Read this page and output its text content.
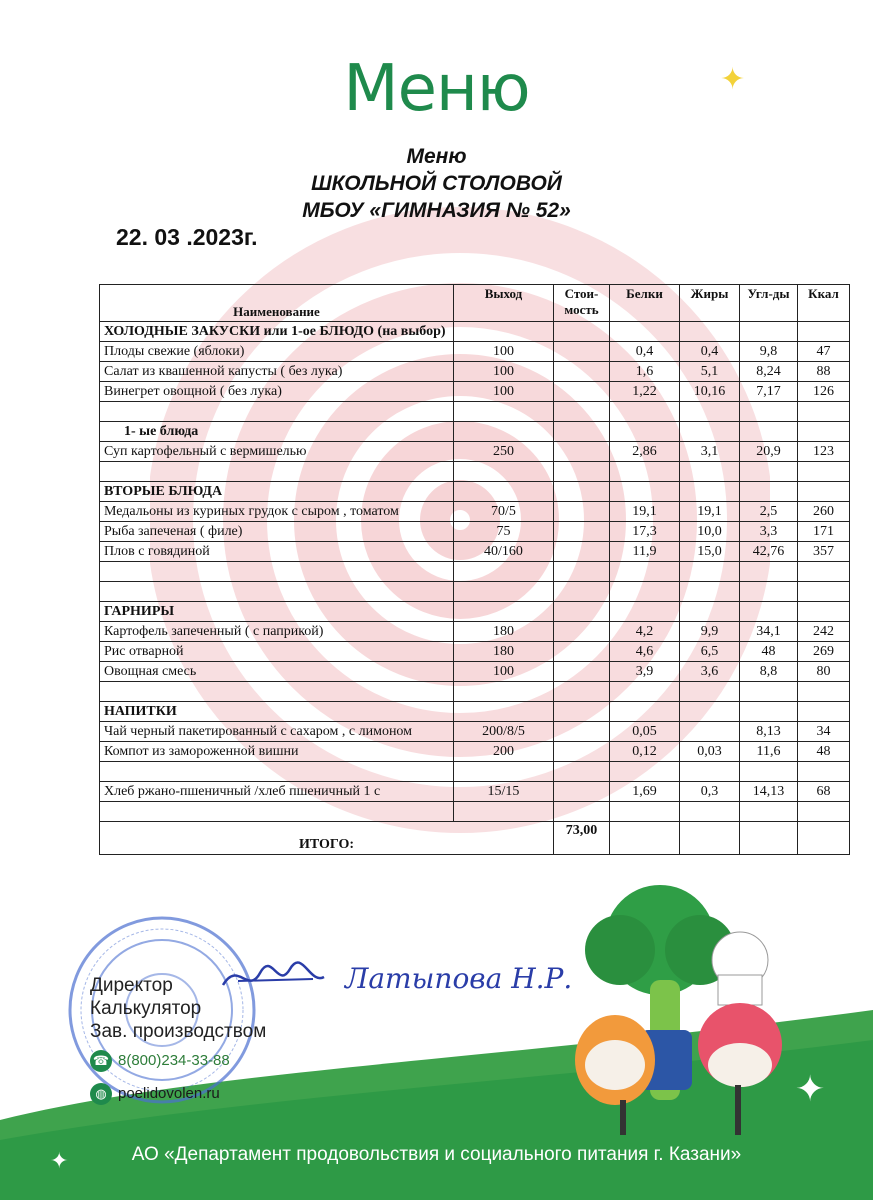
✦
Меню
Меню
ШКОЛЬНОЙ СТОЛОВОЙ
МБОУ «ГИМНАЗИЯ № 52»
22. 03 .2023г.
Наименование	Выход	Стои-мость	Белки	Жиры	Угл-ды	Ккал
ХОЛОДНЫЕ ЗАКУСКИ или 1-ое БЛЮДО (на выбор)						
Плоды свежие (яблоки)	100		0,4	0,4	9,8	47
Салат из квашенной капусты ( без лука)	100		1,6	5,1	8,24	88
Винегрет овощной ( без лука)	100		1,22	10,16	7,17	126

1- ые блюда						
Суп картофельный с вермишелью	250		2,86	3,1	20,9	123

ВТОРЫЕ БЛЮДА						
Медальоны из куриных грудок с сыром , томатом	70/5		19,1	19,1	2,5	260
Рыба запеченая ( филе)	75		17,3	10,0	3,3	171
Плов с говядиной	40/160		11,9	15,0	42,76	357

ГАРНИРЫ						
Картофель запеченный ( с паприкой)	180		4,2	9,9	34,1	242
Рис отварной	180		4,6	6,5	48	269
Овощная смесь	100		3,9	3,6	8,8	80

НАПИТКИ						
Чай черный пакетированный с сахаром , с лимоном	200/8/5		0,05		8,13	34
Компот из замороженной вишни	200		0,12	0,03	11,6	48

Хлеб ржано-пшеничный /хлеб пшеничный 1 с	15/15		1,69	0,3	14,13	68

ИТОГО:		73,00				
Латыпова Н.Р.
Директор
Калькулятор
Зав. производством
☎ 8(800)234-33-88
◍ poelidovolen.ru	✦
✦	АО «Департамент продовольствия и социального питания г. Казани»
